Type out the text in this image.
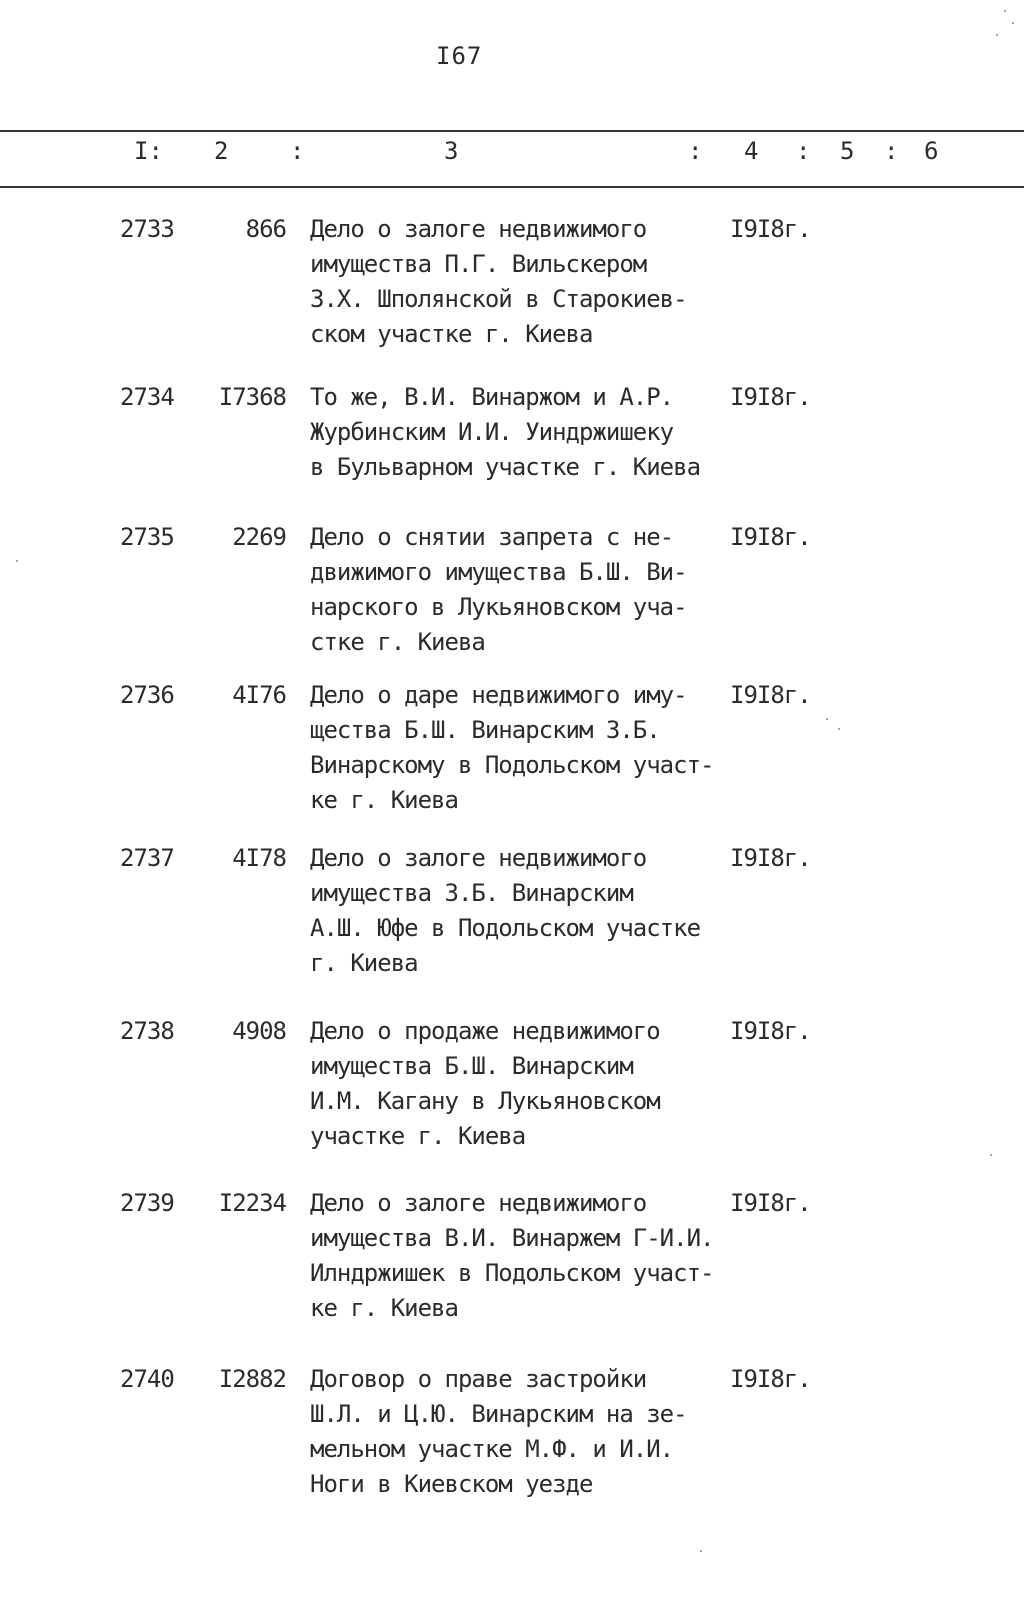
I67
I: 2	:	3	: 4 : 5 : 6
2733	866 Дело о залоге недвижимого
имущества П.Г. Вильскером
З.Х. Шполянской в Старокиев-
ском участке г. Киева
I9I8г.
2734	I7368 То же, В.И. Винаржом и А.Р.
Журбинским И.И. Уиндржишеку
в Бульварном участке г. Киева
I9I8г.
2735	2269 Дело о снятии запрета с не-
движимого имущества Б.Ш. Ви-
нарского в Лукьяновском уча-
стке г. Киева
I9I8г.
2736	4I76 Дело о даре недвижимого иму-
щества Б.Ш. Винарским З.Б.
Винарскому в Подольском участ-
ке г. Киева
I9I8г.
2737	4I78 Дело о залоге недвижимого
имущества З.Б. Винарским
А.Ш. Юфе в Подольском участке
г. Киева
I9I8г.
2738	4908 Дело о продаже недвижимого
имущества Б.Ш. Винарским
И.М. Кагану в Лукьяновском
участке г. Киева
I9I8г.
2739	I2234 Дело о залоге недвижимого
имущества В.И. Винаржем Г-И.И.
Илндржишек в Подольском участ-
ке г. Киева
I9I8г.
2740	I2882 Договор о праве застройки
Ш.Л. и Ц.Ю. Винарским на зе-
мельном участке М.Ф. и И.И.
Ноги в Киевском уезде
I9I8г.
